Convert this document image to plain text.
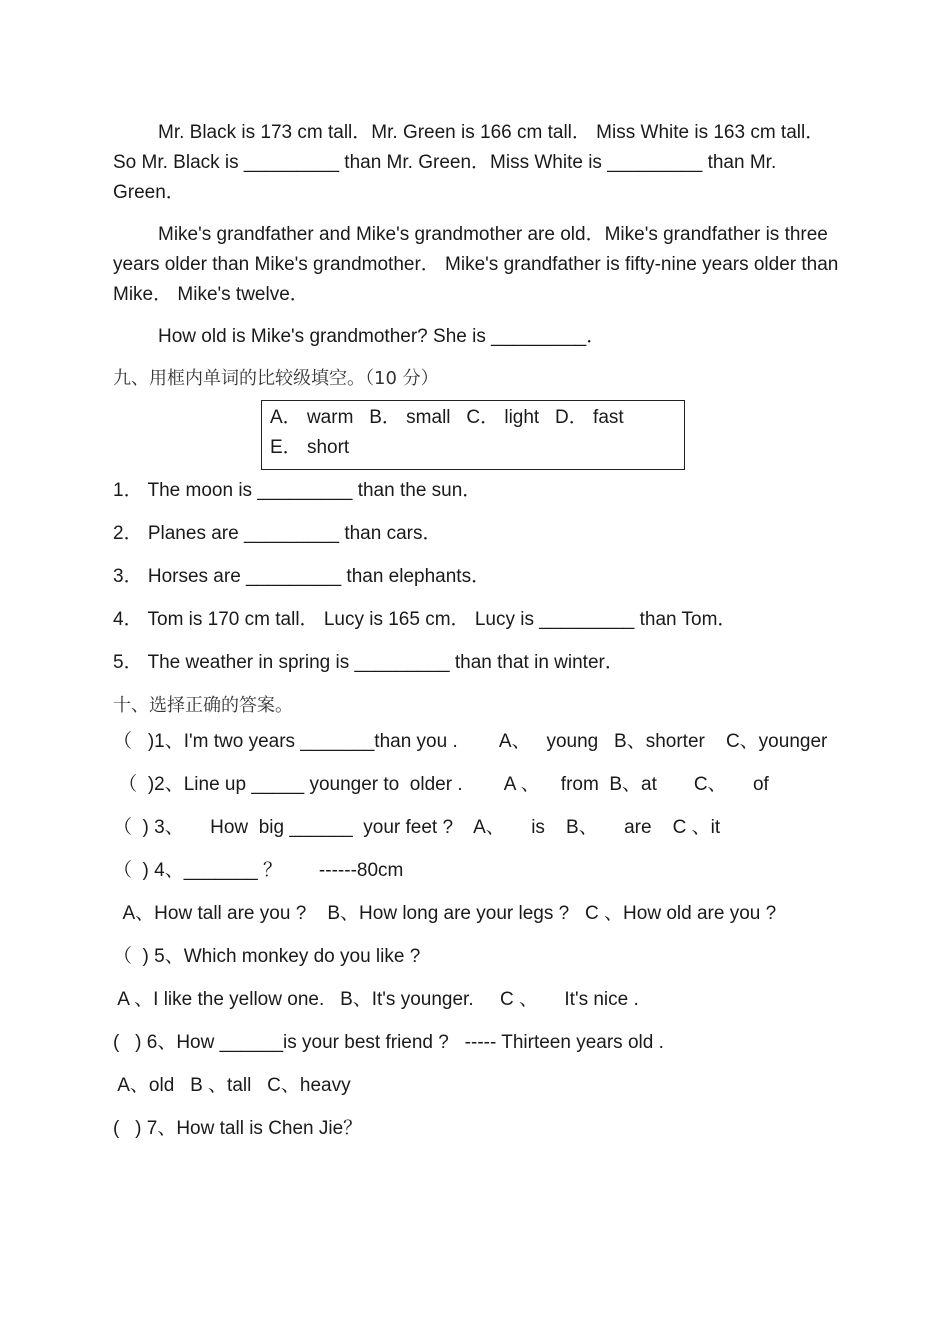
Mr. Black is 173 cm tall．Mr. Green is 166 cm tall． Miss White is 163 cm tall．So Mr. Black is _________ than Mr. Green．Miss White is _________ than Mr. Green．

Mike's grandfather and Mike's grandmother are old．Mike's grandfather is three years older than Mike's grandmother． Mike's grandfather is fifty-nine years older than Mike． Mike's twelve．

How old is Mike's grandmother? She is _________．

九、用框内单词的比较级填空。（10 分）
A． warm   B． small   C． light   D． fast
E． short
1． The moon is _________ than the sun．
2． Planes are _________ than cars．
3． Horses are _________ than elephants．
4． Tom is 170 cm tall． Lucy is 165 cm． Lucy is _________ than Tom．
5． The weather in spring is _________ than that in winter．
十、选择正确的答案。
（   )1、I'm two years _______than you .        A、   young   B、shorter    C、younger
（  )2、Line up _____ younger to  older .        A 、    from  B、at       C、     of
（  ) 3、     How  big ______  your feet ?    A、     is    B、     are    C 、it
（  ) 4、_______ ？       ------80cm
A、How tall are you ?    B、How long are your legs ?   C 、How old are you ?
（  ) 5、Which monkey do you like ?
A 、I like the yellow one.   B、It's younger.     C 、     It's nice .
(   ) 6、How ______is your best friend ?   ----- Thirteen years old .
A、old   B 、tall   C、heavy
(   ) 7、How tall is Chen Jie？
